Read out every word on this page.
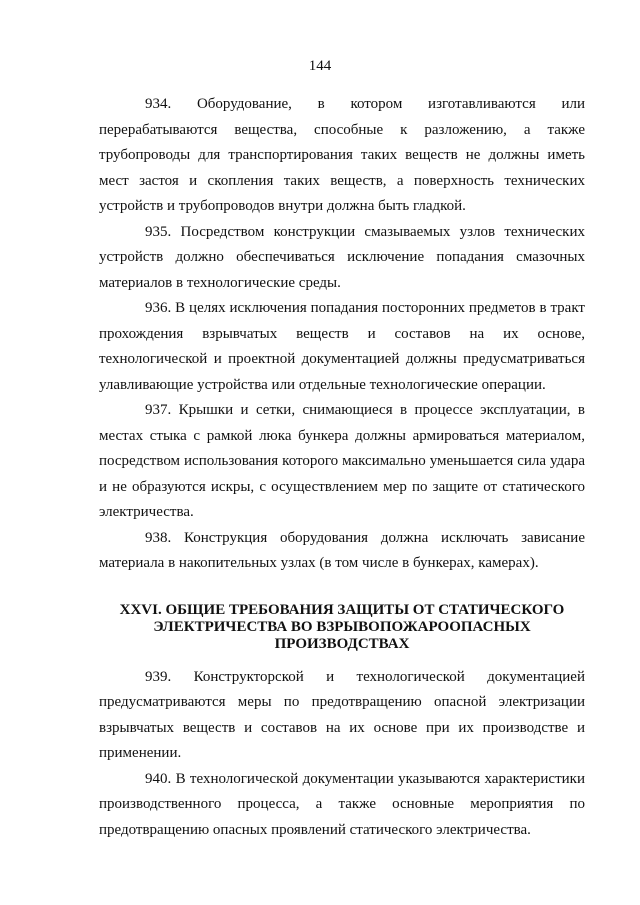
144

934. Оборудование, в котором изготавливаются или перерабатываются вещества, способные к разложению, а также трубопроводы для транспортирования таких веществ не должны иметь мест застоя и скопления таких веществ, а поверхность технических устройств и трубопроводов внутри должна быть гладкой.

935. Посредством конструкции смазываемых узлов технических устройств должно обеспечиваться исключение попадания смазочных материалов в технологические среды.

936. В целях исключения попадания посторонних предметов в тракт прохождения взрывчатых веществ и составов на их основе, технологической и проектной документацией должны предусматриваться улавливающие устройства или отдельные технологические операции.

937. Крышки и сетки, снимающиеся в процессе эксплуатации, в местах стыка с рамкой люка бункера должны армироваться материалом, посредством использования которого максимально уменьшается сила удара и не образуются искры, с осуществлением мер по защите от статического электричества.

938. Конструкция оборудования должна исключать зависание материала в накопительных узлах (в том числе в бункерах, камерах).

XXVI. ОБЩИЕ ТРЕБОВАНИЯ ЗАЩИТЫ ОТ СТАТИЧЕСКОГО ЭЛЕКТРИЧЕСТВА ВО ВЗРЫВОПОЖАРООПАСНЫХ ПРОИЗВОДСТВАХ

939. Конструкторской и технологической документацией предусматриваются меры по предотвращению опасной электризации взрывчатых веществ и составов на их основе при их производстве и применении.

940. В технологической документации указываются характеристики производственного процесса, а также основные мероприятия по предотвращению опасных проявлений статического электричества.
